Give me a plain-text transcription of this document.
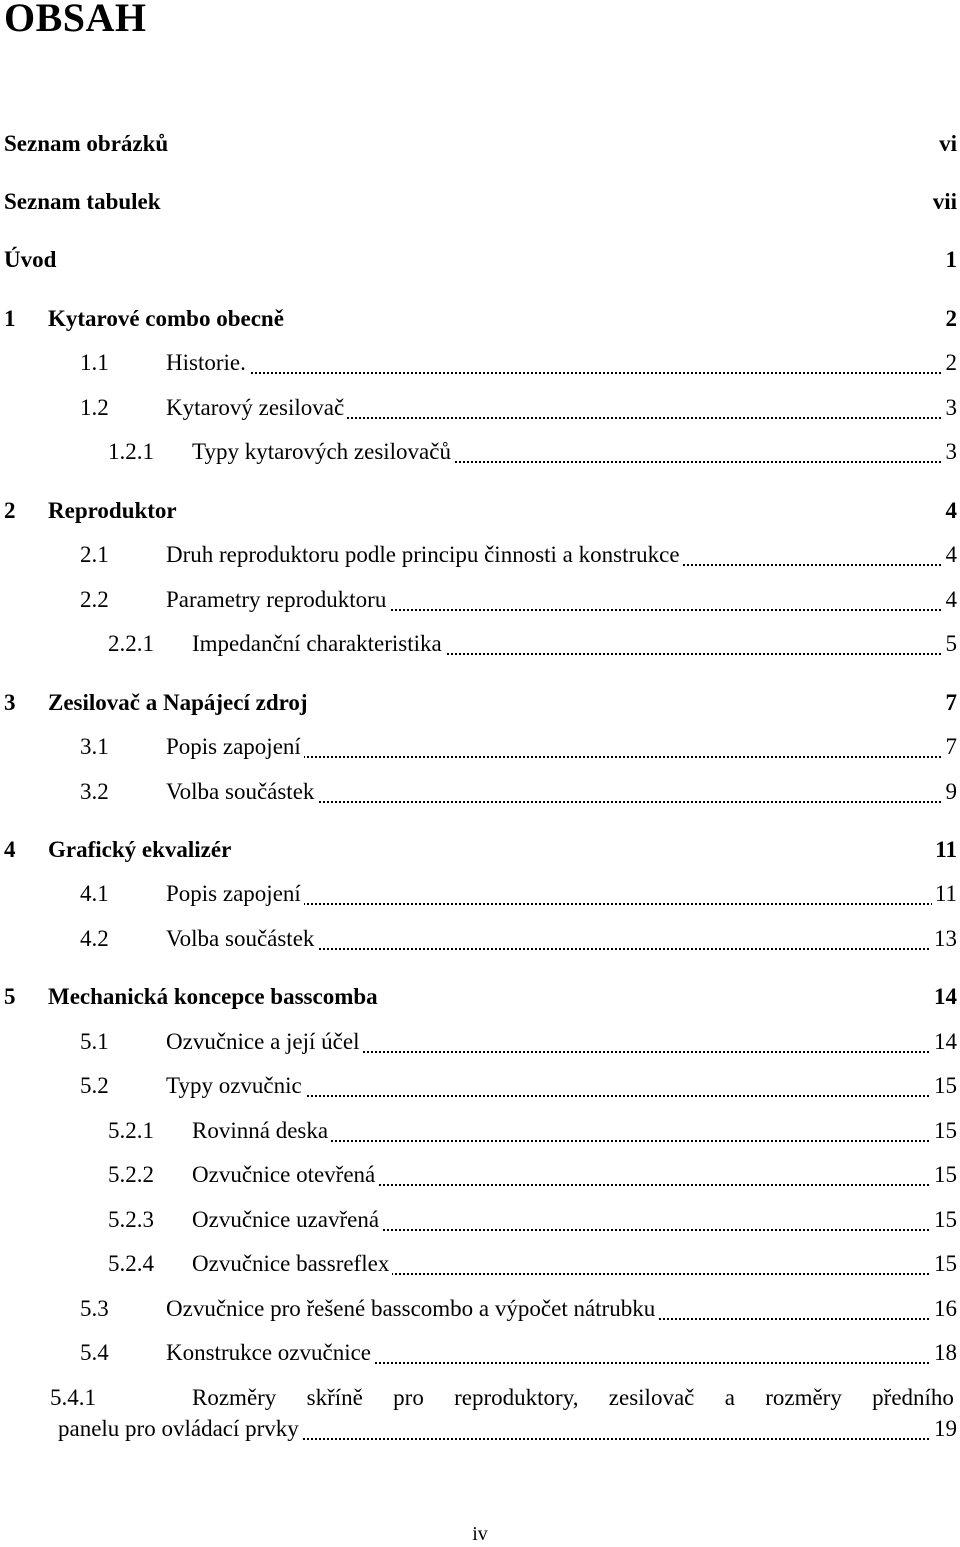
OBSAH
Seznam obrázků	vi
Seznam tabulek	vii
Úvod	1
1 Kytarové combo obecně	2
1.1 Historie.	2
1.2 Kytarový zesilovač	3
1.2.1 Typy kytarových zesilovačů	3
2 Reproduktor	4
2.1 Druh reproduktoru podle principu činnosti a konstrukce	4
2.2 Parametry reproduktoru	4
2.2.1 Impedanční charakteristika	5
3 Zesilovač a Napájecí zdroj	7
3.1 Popis zapojení	7
3.2 Volba součástek	9
4 Grafický ekvalizér	11
4.1 Popis zapojení	11
4.2 Volba součástek	13
5 Mechanická koncepce basscomba	14
5.1 Ozvučnice a její účel	14
5.2 Typy ozvučnic	15
5.2.1 Rovinná deska	15
5.2.2 Ozvučnice otevřená	15
5.2.3 Ozvučnice uzavřená	15
5.2.4 Ozvučnice bassreflex	15
5.3 Ozvučnice pro řešené basscombo a výpočet nátrubku	16
5.4 Konstrukce ozvučnice	18
5.4.1	Rozměry skříně pro reproduktory, zesilovač a rozměry předního
panelu pro ovládací prvky	19
iv
